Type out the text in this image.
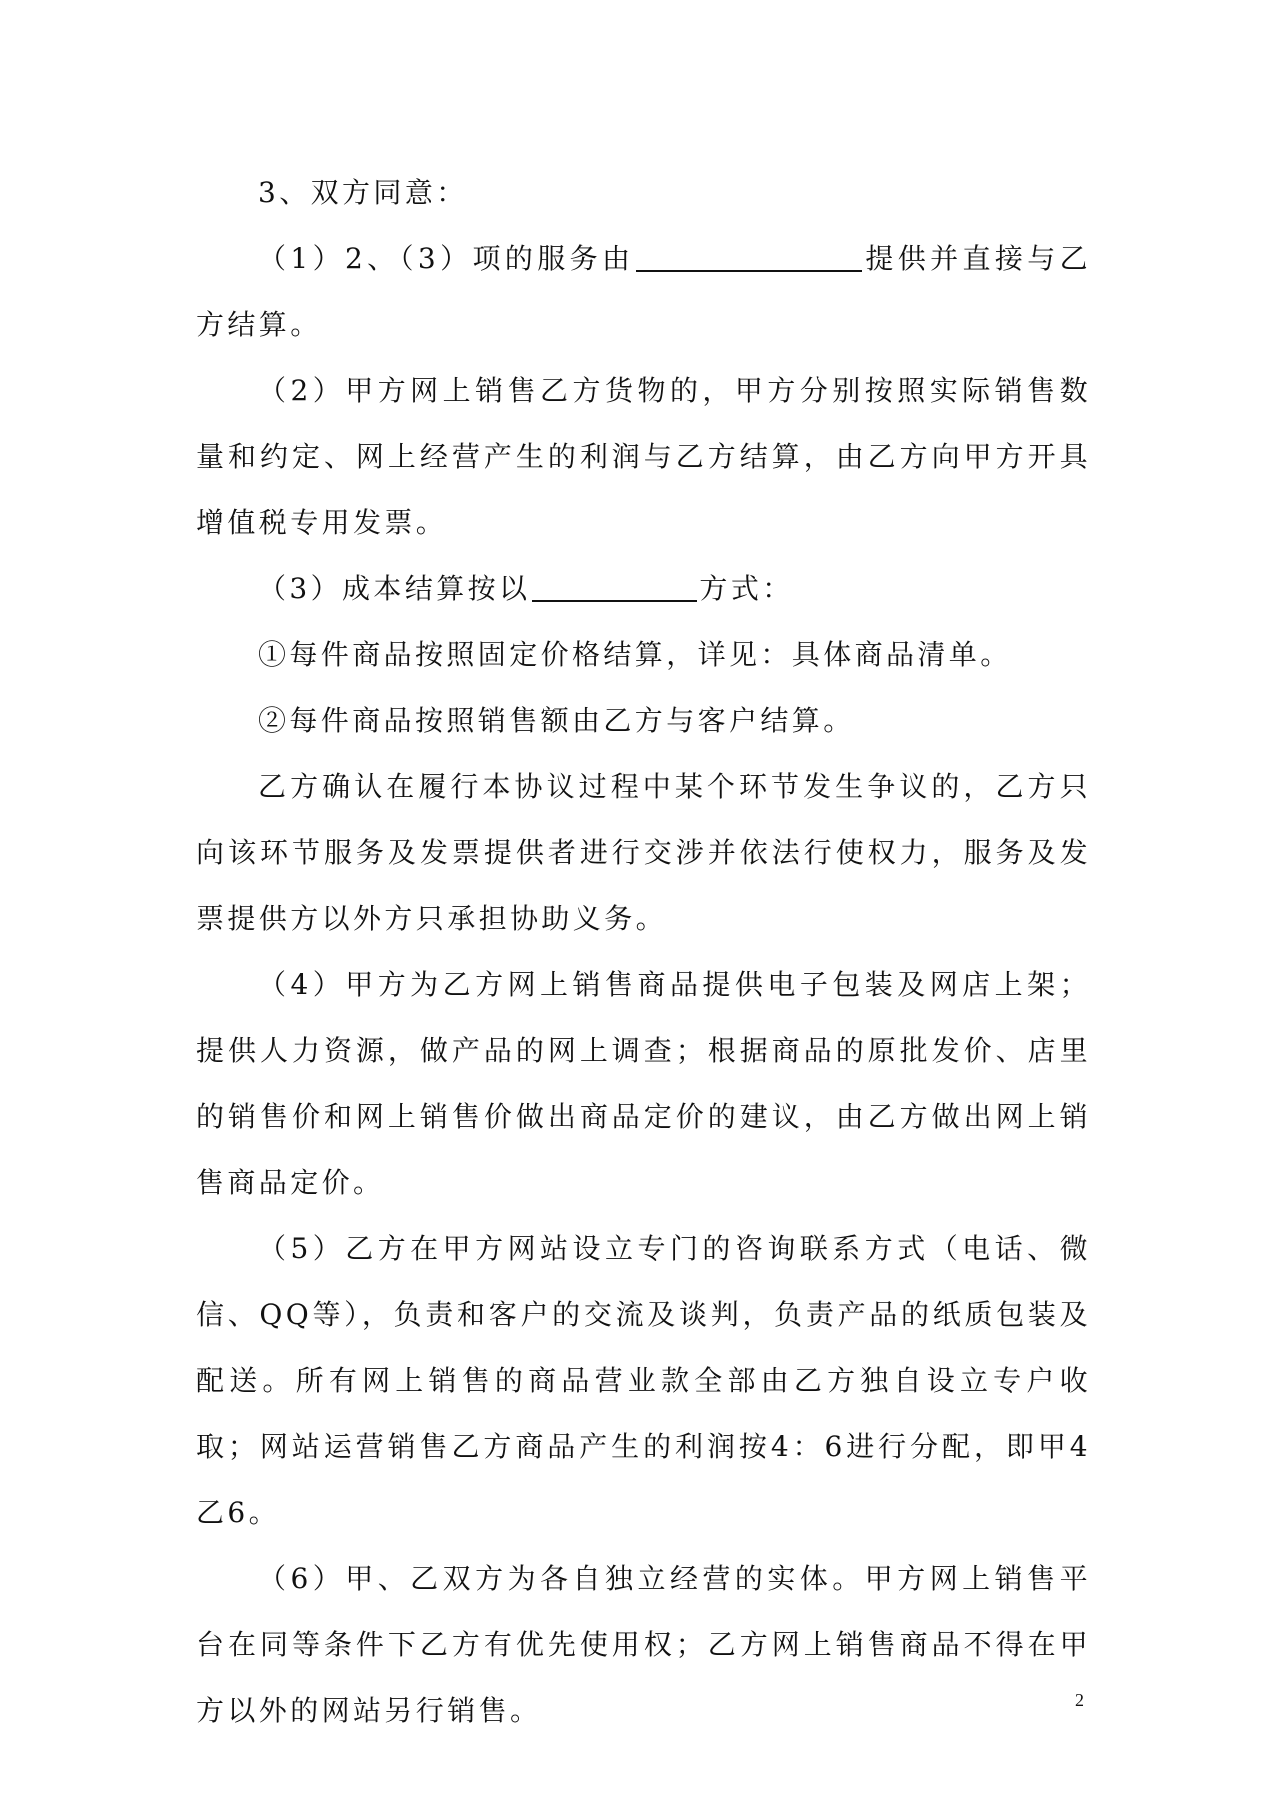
3、双方同意：

（1）2、（3）项的服务由	提供并直接与乙方结算。

（2）甲方网上销售乙方货物的，甲方分别按照实际销售数量和约定、网上经营产生的利润与乙方结算，由乙方向甲方开具增值税专用发票。

（3）成本结算按以	方式：

①每件商品按照固定价格结算，详见：具体商品清单。

②每件商品按照销售额由乙方与客户结算。

乙方确认在履行本协议过程中某个环节发生争议的，乙方只向该环节服务及发票提供者进行交涉并依法行使权力，服务及发票提供方以外方只承担协助义务。

（4）甲方为乙方网上销售商品提供电子包装及网店上架；提供人力资源，做产品的网上调查；根据商品的原批发价、店里的销售价和网上销售价做出商品定价的建议，由乙方做出网上销售商品定价。

（5）乙方在甲方网站设立专门的咨询联系方式（电话、微信、QQ等），负责和客户的交流及谈判，负责产品的纸质包装及配送。所有网上销售的商品营业款全部由乙方独自设立专户收取；网站运营销售乙方商品产生的利润按4：6进行分配，即甲4乙6。

（6）甲、乙双方为各自独立经营的实体。甲方网上销售平台在同等条件下乙方有优先使用权；乙方网上销售商品不得在甲方以外的网站另行销售。	2
